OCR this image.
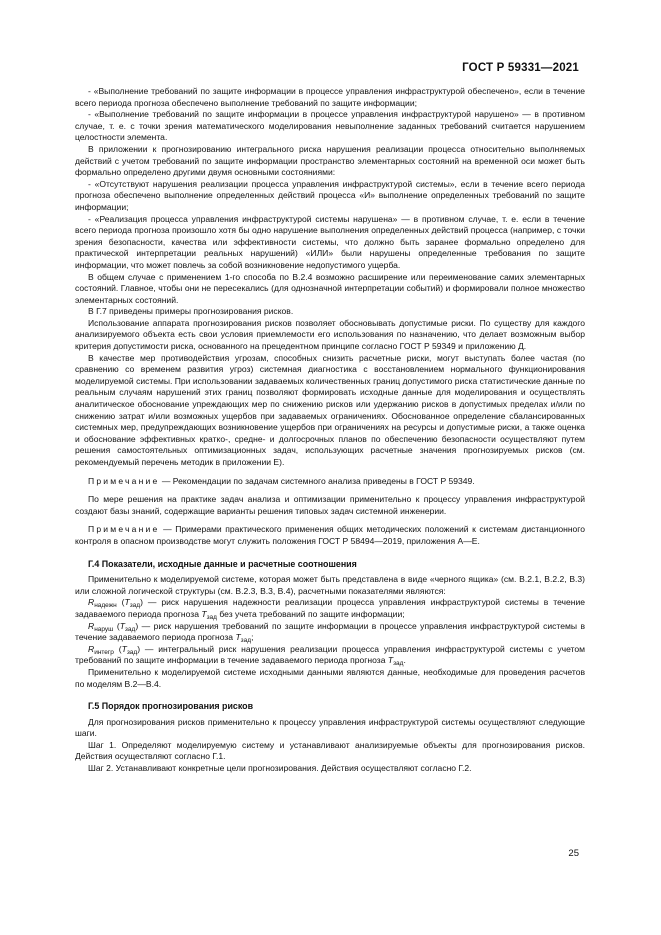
ГОСТ Р 59331—2021

- «Выполнение требований по защите информации в процессе управления инфраструктурой обеспечено», если в течение всего периода прогноза обеспечено выполнение требований по защите информации;

- «Выполнение требований по защите информации в процессе управления инфраструктурой нарушено» — в противном случае, т. е. с точки зрения математического моделирования невыполнение заданных требований считается нарушением целостности элемента.

В приложении к прогнозированию интегрального риска нарушения реализации процесса относительно выполняемых действий с учетом требований по защите информации пространство элементарных состояний на временной оси может быть формально определено другими двумя основными состояниями:

- «Отсутствуют нарушения реализации процесса управления инфраструктурой системы», если в течение всего периода прогноза обеспечено выполнение определенных действий процесса «И» выполнение определенных требований по защите информации;

- «Реализация процесса управления инфраструктурой системы нарушена» — в противном случае, т. е. если в течение всего периода прогноза произошло хотя бы одно нарушение выполнения определенных действий процесса (например, с точки зрения безопасности, качества или эффективности системы, что должно быть заранее формально определено для практической интерпретации реальных нарушений) «ИЛИ» были нарушены определенные требования по защите информации, что может повлечь за собой возникновение недопустимого ущерба.

В общем случае с применением 1-го способа по В.2.4 возможно расширение или переименование самих элементарных состояний. Главное, чтобы они не пересекались (для однозначной интерпретации событий) и формировали полное множество элементарных состояний.

В Г.7 приведены примеры прогнозирования рисков.

Использование аппарата прогнозирования рисков позволяет обосновывать допустимые риски. По существу для каждого анализируемого объекта есть свои условия приемлемости его использования по назначению, что делает возможным выбор критерия допустимости риска, основанного на прецедентном принципе согласно ГОСТ Р 59349 и приложению Д.

В качестве мер противодействия угрозам, способных снизить расчетные риски, могут выступать более частая (по сравнению со временем развития угроз) системная диагностика с восстановлением нормального функционирования моделируемой системы. При использовании задаваемых количественных границ допустимого риска статистические данные по реальным случаям нарушений этих границ позволяют формировать исходные данные для моделирования и осуществлять аналитическое обоснование упреждающих мер по снижению рисков или удержанию рисков в допустимых пределах и/или по снижению затрат и/или возможных ущербов при задаваемых ограничениях. Обоснованное определение сбалансированных системных мер, предупреждающих возникновение ущербов при ограничениях на ресурсы и допустимые риски, а также оценка и обоснование эффективных кратко-, средне- и долгосрочных планов по обеспечению безопасности осуществляют путем решения самостоятельных оптимизационных задач, использующих расчетные значения прогнозируемых рисков (см. рекомендуемый перечень методик в приложении Е).

Примечание — Рекомендации по задачам системного анализа приведены в ГОСТ Р 59349.

По мере решения на практике задач анализа и оптимизации применительно к процессу управления инфраструктурой создают базы знаний, содержащие варианты решения типовых задач системной инженерии.

Примечание — Примерами практического применения общих методических положений к системам дистанционного контроля в опасном производстве могут служить положения ГОСТ Р 58494—2019, приложения А—Е.

Г.4 Показатели, исходные данные и расчетные соотношения

Применительно к моделируемой системе, которая может быть представлена в виде «черного ящика» (см. В.2.1, В.2.2, В.3) или сложной логической структуры (см. В.2.3, В.3, В.4), расчетными показателями являются:

$R_{надежн}$ $(T_{зад})$ — риск нарушения надежности реализации процесса управления инфраструктурой системы в течение задаваемого периода прогноза $T_{зад}$ без учета требований по защите информации;

$R_{наруш}$ $(T_{зад})$ — риск нарушения требований по защите информации в процессе управления инфраструктурой системы в течение задаваемого периода прогноза $T_{зад}$;

$R_{интегр}$ $(T_{зад})$ — интегральный риск нарушения реализации процесса управления инфраструктурой системы с учетом требований по защите информации в течение задаваемого периода прогноза $T_{зад}$.

Применительно к моделируемой системе исходными данными являются данные, необходимые для проведения расчетов по моделям В.2—В.4.

Г.5 Порядок прогнозирования рисков

Для прогнозирования рисков применительно к процессу управления инфраструктурой системы осуществляют следующие шаги.

Шаг 1. Определяют моделируемую систему и устанавливают анализируемые объекты для прогнозирования рисков. Действия осуществляют согласно Г.1.

Шаг 2. Устанавливают конкретные цели прогнозирования. Действия осуществляют согласно Г.2.

25
